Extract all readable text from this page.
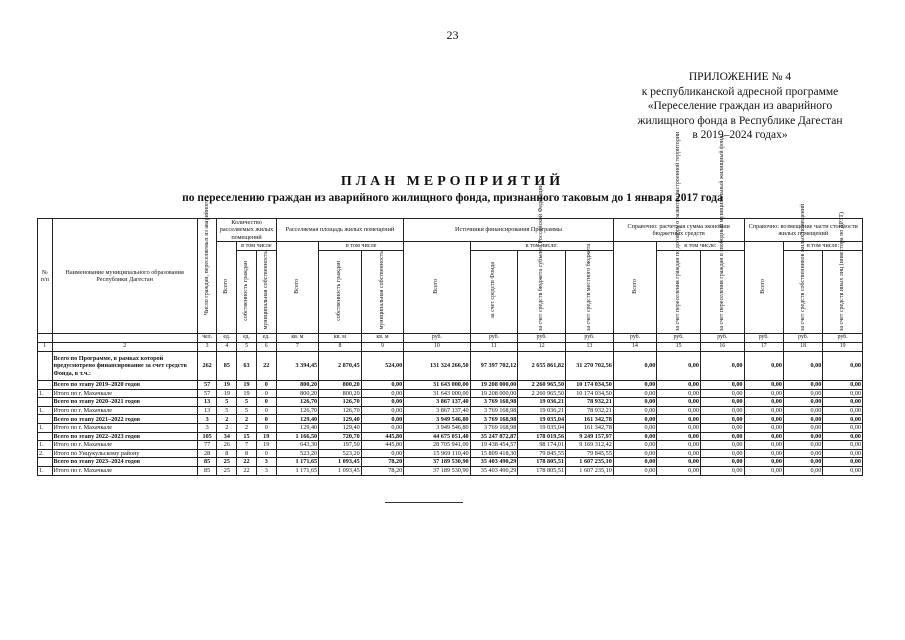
23
ПРИЛОЖЕНИЕ № 4
к республиканской адресной программе
«Переселение граждан из аварийного
жилищного фонда в Республике Дагестан
в 2019–2024 годах»
ПЛАН МЕРОПРИЯТИЙ
по переселению граждан из аварийного жилищного фонда, признанного таковым до 1 января 2017 года
№ п/п	Наименование муниципального образования Республики Дагестан	Число граждан, переселяемых из аварийного	Количество расселяемых жилых помещений			Расселяемая площадь жилых помещений			Источники финансирования Программы				Справочно: расчетная сумма экономии бюджетных средств			Справочно: возмещение части стоимости жилых помещений		
			Всего	в том числе		Всего	в том числе		Всего	в том числе:			Всего	в том числе:		Всего	в том числе:	
				собственность граждан	муниципальная собственность		собственность граждан	муниципальная собственность		за счет средств Фонда	за счет средств бюджета субъекта Российской Федерации	за счет средств местного бюджета		за счет переселения граждан по договору о развитии застроенной территории	за счет переселения граждан в свободный муниципальный жилищный фонд		за счет средств собственников жилых помещений	за счет средств иных лиц (инвестора по ДРЗТ)
		чел.	ед.	ед.	ед.	кв. м	кв. м	кв. м	руб.	руб.	руб.	руб.	руб.	руб.	руб.	руб.	руб.	руб.
1	2	3	4	5	6	7	8	9	10	11	12	13	14	15	16	17	18	19
	Всего по Программе, в рамках которой предусмотрено финансирование за счет средств Фонда, в т.ч.:	262	85	63	22	3 394,45	2 870,45	524,00	131 324 266,50	97 397 702,12	2 655 861,82	31 270 702,56	0,00	0,00	0,00	0,00	0,00	0,00
	Всего по этапу 2019–2020 годов	57	19	19	0	800,20	800,20	0,00	31 643 000,00	19 208 000,00	2 260 965,50	10 174 034,50	0,00	0,00	0,00	0,00	0,00	0,00
1.	Итого по г. Махачкале	57	19	19	0	800,20	800,20	0,00	31 643 000,00	19 208 000,00	2 260 965,50	10 174 034,50	0,00	0,00	0,00	0,00	0,00	0,00
	Всего по этапу 2020–2021 годов	13	5	5	0	126,70	126,70	0,00	3 867 137,40	3 769 168,98	19 036,21	78 932,21	0,00	0,00	0,00	0,00	0,00	0,00
1.	Итого по г. Махачкале	13	5	5	0	126,70	126,70	0,00	3 867 137,40	3 769 168,98	19 036,21	78 932,21	0,00	0,00	0,00	0,00	0,00	0,00
	Всего по этапу 2021–2022 годов	3	2	2	0	129,40	129,40	0,00	3 949 546,80	3 769 168,98	19 035,04	161 342,78	0,00	0,00	0,00	0,00	0,00	0,00
1.	Итого по г. Махачкале	3	2	2	0	129,40	129,40	0,00	3 949 546,80	3 769 168,98	19 035,04	161 342,78	0,00	0,00	0,00	0,00	0,00	0,00
	Всего по этапу 2022–2023 годов	105	34	15	19	1 166,50	720,70	445,80	44 675 051,40	35 247 872,87	178 019,56	9 249 157,97	0,00	0,00	0,00	0,00	0,00	0,00
1.	Итого по г. Махачкале	77	26	7	19	643,30	197,50	445,80	28 705 941,00	19 438 454,57	98 174,01	9 169 312,42	0,00	0,00	0,00	0,00	0,00	0,00
2.	Итого по Унцукульскому району	28	8	8	0	523,20	523,20	0,00	15 969 110,40	15 809 418,30	79 845,55	79 845,55	0,00	0,00	0,00	0,00	0,00	0,00
	Всего по этапу 2023–2024 годов	85	25	22	3	1 171,65	1 093,45	78,20	37 189 530,90	35 403 490,29	178 805,51	1 607 235,10	0,00	0,00	0,00	0,00	0,00	0,00
1.	Итого по г. Махачкале	85	25	22	3	1 171,65	1 093,45	78,20	37 189 530,90	35 403 490,29	178 805,51	1 607 235,10	0,00	0,00	0,00	0,00	0,00	0,00
